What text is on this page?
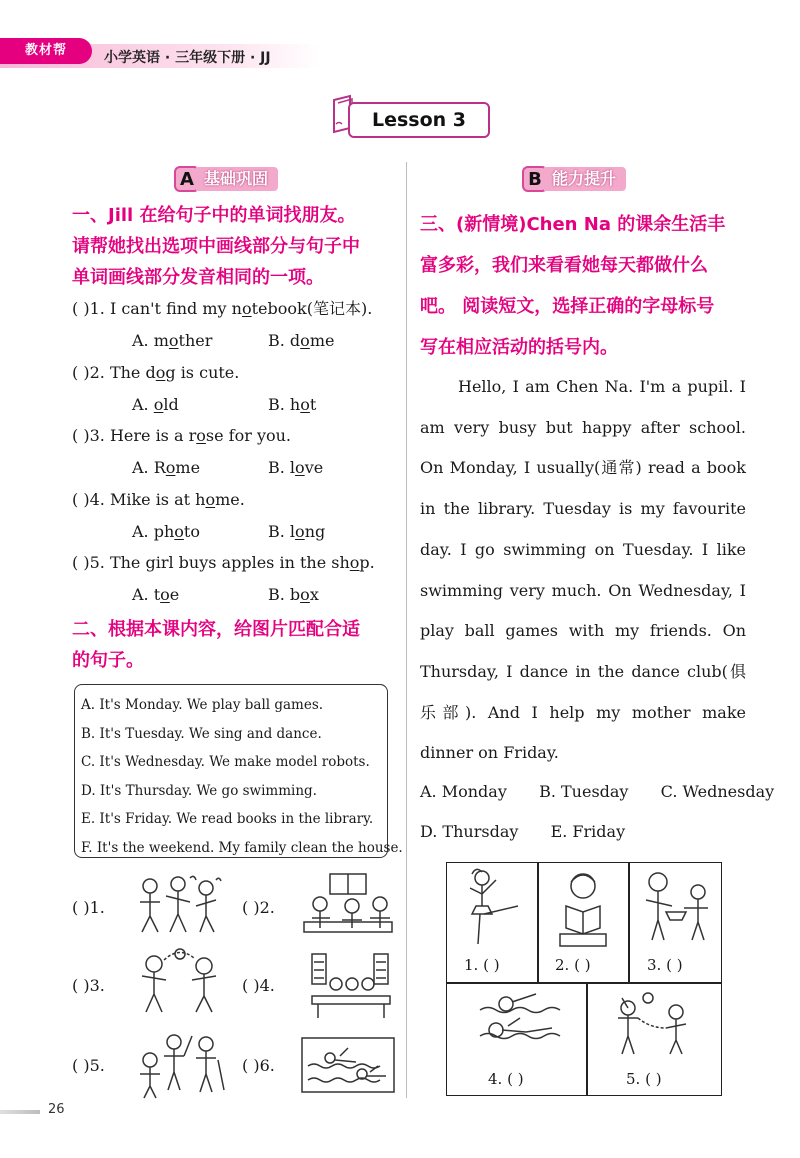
教材帮	小学英语 · 三年级下册 · JJ
Lesson 3
A 基础巩固
一、Jill 在给句子中的单词找朋友。
请帮她找出选项中画线部分与句子中
单词画线部分发音相同的一项。
( )1. I can't find my notebook(笔记本).
A. mother	B. dome
( )2. The dog is cute.
A. old	B. hot
( )3. Here is a rose for you.
A. Rome	B. love
( )4. Mike is at home.
A. photo	B. long
( )5. The girl buys apples in the shop.
A. toe	B. box
二、根据本课内容，给图片匹配合适
的句子。
A. It's Monday. We play ball games.
B. It's Tuesday. We sing and dance.
C. It's Wednesday. We make model robots.
D. It's Thursday. We go swimming.
E. It's Friday. We read books in the library.
F. It's the weekend. My family clean the house.
( )1.	( )2.
( )3.	( )4.
( )5.	( )6.
B 能力提升
三、(新情境)Chen Na 的课余生活丰
富多彩，我们来看看她每天都做什么
吧。 阅读短文，选择正确的字母标号
写在相应活动的括号内。
Hello, I am Chen Na. I'm a pupil. I am very busy but happy after school. On Monday, I usually(通常) read a book in the library. Tuesday is my favourite day. I go swimming on Tuesday. I like swimming very much. On Wednesday, I play ball games with my friends. On Thursday, I dance in the dance club(俱乐部). And I help my mother make dinner on Friday.
A. Monday B. Tuesday C. Wednesday
D. Thursday E. Friday
1. ( )	2. ( )	3. ( )
4. ( )	5. ( )
26
